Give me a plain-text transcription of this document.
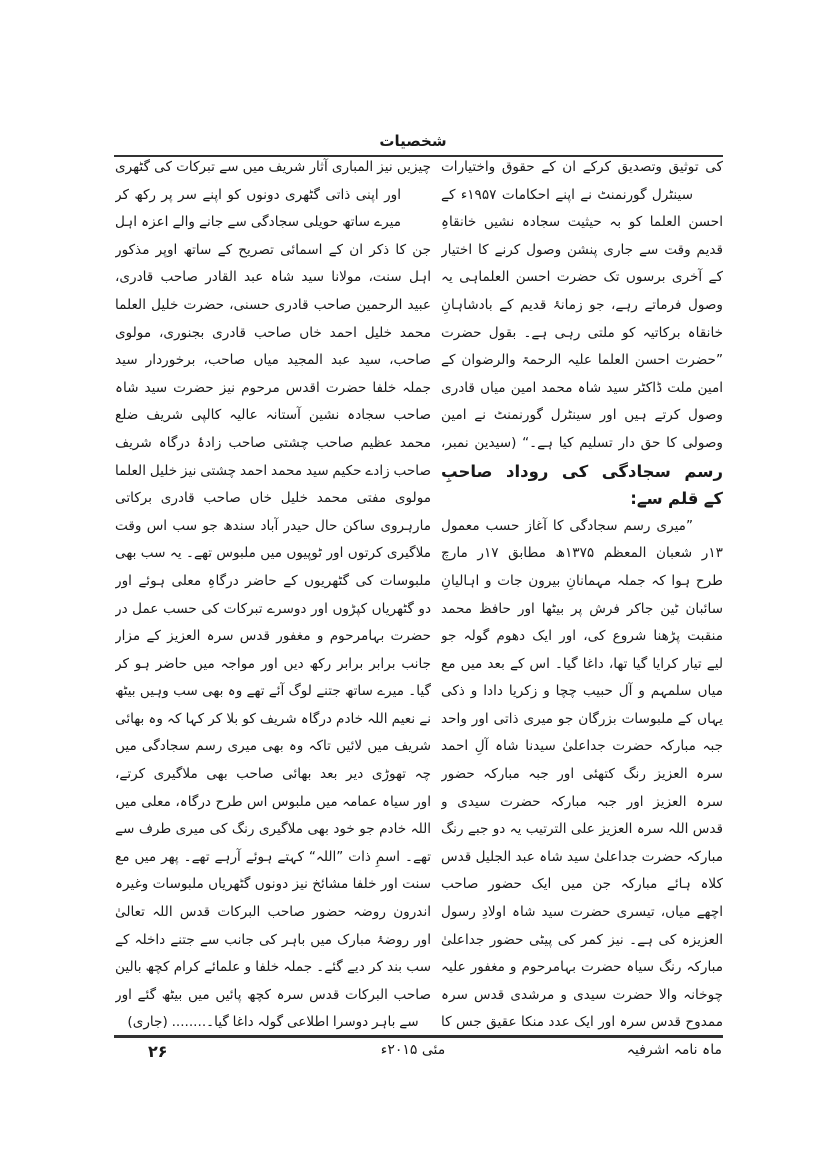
شخصیات
کی توثیق وتصدیق کرکے ان کے حقوق واختیارات
سینٹرل گورنمنٹ نے اپنے احکامات ۱۹۵۷ء کے
احسن العلما کو بہ حیثیت سجادہ نشیں خانقاہِ
قدیم وقت سے جاری پنشن وصول کرنے کا اختیار
کے آخری برسوں تک حضرت احسن العلماہی یہ
وصول فرماتے رہے، جو زمانۂ قدیم کے بادشاہانِ
خانقاہ برکاتیہ کو ملتی رہی ہے۔ بقول حضرت
”حضرت احسن العلما علیہ الرحمۃ والرضوان کے
امین ملت ڈاکٹر سید شاہ محمد امین میاں قادری
وصول کرتے ہیں اور سینٹرل گورنمنٹ نے امین
وصولی کا حق دار تسلیم کیا ہے۔“ (سیدین نمبر،
رسم سجادگی کی روداد صاحبِ
کے قلم سے:
”میری رسم سجادگی کا آغاز حسب معمول
۱۳ر شعبان المعظم ۱۳۷۵ھ مطابق ۱۷ر مارچ
طرح ہوا کہ جملہ مہمانانِ بیرون جات و اہالیانِ
سائبان ٹین جاکر فرش پر بیٹھا اور حافظ محمد
منقبت پڑھنا شروع کی، اور ایک دھوم گولہ جو
لیے تیار کرایا گیا تھا، داغا گیا۔ اس کے بعد میں مع
میاں سلمہم و آل حبیب چچا و زکریا دادا و ذکی
یہاں کے ملبوسات بزرگان جو میری ذاتی اور واحد
جبہ مبارکہ حضرت جداعلیٰ سیدنا شاہ آلِ احمد
سرہ العزیز رنگ کتھئی اور جبہ مبارکہ حضور
سرہ العزیز اور جبہ مبارکہ حضرت سیدی و
قدس اللہ سرہ العزیز علی الترتیب یہ دو جبے رنگ
مبارکہ حضرت جداعلیٰ سید شاہ عبد الجلیل قدس
کلاہ ہائے مبارکہ جن میں ایک حضور صاحب
اچھے میاں، تیسری حضرت سید شاہ اولادِ رسول
العزیزہ کی ہے۔ نیز کمر کی پیٹی حضور جداعلیٰ
مبارکہ رنگ سیاہ حضرت بہامرحوم و مغفور علیہ
چوخانہ والا حضرت سیدی و مرشدی قدس سرہ
ممدوح قدس سرہ اور ایک عدد منکا عقیق جس کا
چیزیں نیز المباری آثار شریف میں سے تبرکات کی گٹھری
اور اپنی ذاتی گٹھری دونوں کو اپنے سر پر رکھ کر
میرے ساتھ حویلی سجادگی سے جانے والے اعزہ اہل
جن کا ذکر ان کے اسمائی تصریح کے ساتھ اوپر مذکور
اہل سنت، مولانا سید شاہ عبد القادر صاحب قادری،
عبید الرحمین صاحب قادری حسنی، حضرت خلیل العلما
محمد خلیل احمد خاں صاحب قادری بجنوری، مولوی
صاحب، سید عبد المجید میاں صاحب، برخوردار سید
جملہ خلفا حضرت اقدس مرحوم نیز حضرت سید شاہ
صاحب سجادہ نشین آستانہ عالیہ کالپی شریف ضلع
محمد عظیم صاحب چشتی صاحب زادۂ درگاہ شریف
صاحب زادے حکیم سید محمد احمد چشتی نیز خلیل العلما
مولوی مفتی محمد خلیل خاں صاحب قادری برکاتی
مارہروی ساکن حال حیدر آباد سندھ جو سب اس وقت
ملاگیری کرتوں اور ٹوپیوں میں ملبوس تھے۔ یہ سب بھی
ملبوسات کی گٹھریوں کے حاضر درگاہِ معلی ہوئے اور
دو گٹھریاں کپڑوں اور دوسرے تبرکات کی حسب عمل در
حضرت بہامرحوم و مغفور قدس سرہ العزیز کے مزار
جانب برابر برابر رکھ دیں اور مواجہ میں حاضر ہو کر
گیا۔ میرے ساتھ جتنے لوگ آئے تھے وہ بھی سب وہیں بیٹھ
نے نعیم اللہ خادم درگاہ شریف کو بلا کر کہا کہ وہ بھائی
شریف میں لائیں تاکہ وہ بھی میری رسم سجادگی میں
چہ تھوڑی دیر بعد بھائی صاحب بھی ملاگیری کرتے،
اور سیاہ عمامہ میں ملبوس اس طرح درگاہ، معلی میں
اللہ خادم جو خود بھی ملاگیری رنگ کی میری طرف سے
تھے۔ اسمِ ذات ”اللہ“ کہتے ہوئے آرہے تھے۔ پھر میں مع
سنت اور خلفا مشائخ نیز دونوں گٹھریاں ملبوسات وغیرہ
اندرون روضہ حضور صاحب البرکات قدس اللہ تعالیٰ
اور روضۂ مبارک میں باہر کی جانب سے جتنے داخلہ کے
سب بند کر دیے گئے۔ جملہ خلفا و علمائے کرام کچھ بالین
صاحب البرکات قدس سرہ کچھ پائیں میں بیٹھ گئے اور
سے باہر دوسرا اطلاعی گولہ داغا گیا۔........ (جاری)
ماہ نامہ اشرفیہ
مئی ۲۰۱۵ء
۲۶
